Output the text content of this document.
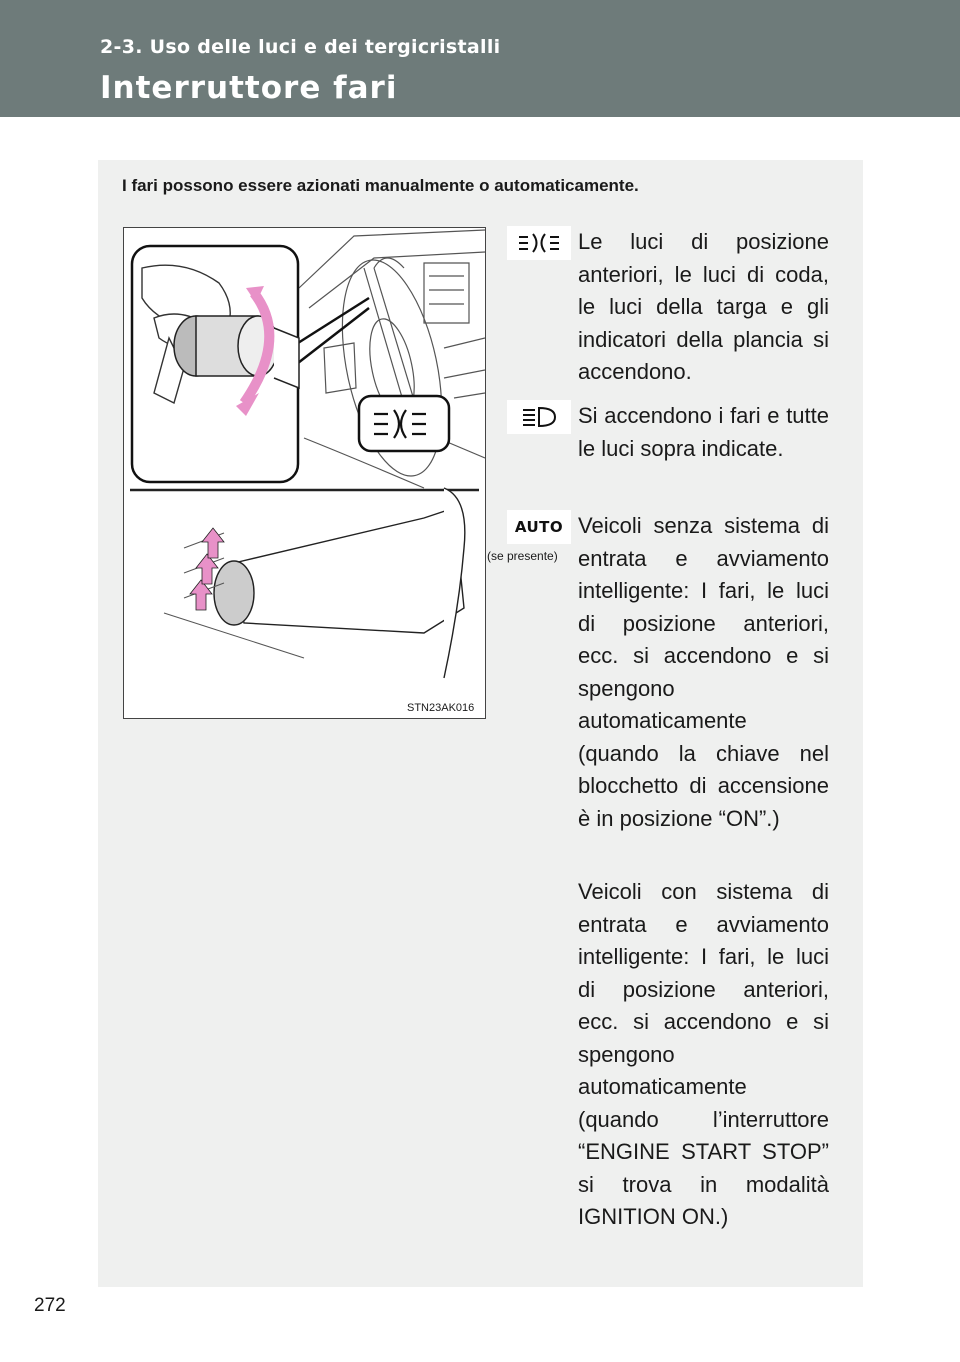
2-3. Uso delle luci e dei tergicristalli
Interruttore fari
I fari possono essere azionati manualmente o automaticamente.
STN23AK016

Le luci di posizione anteriori, le luci di coda, le luci della targa e gli indicatori della plancia si accendono.

Si accendono i fari e tutte le luci sopra indicate.

AUTO
(se presente)

Veicoli senza sistema di entrata e avviamento intelligente: I fari, le luci di posizione anteriori, ecc. si accendono e si spengono automaticamente (quando la chiave nel blocchetto di accensione è in posizione “ON”.)

Veicoli con sistema di entrata e avviamento intelligente: I fari, le luci di posizione anteriori, ecc. si accendono e si spengono automaticamente (quando l’interruttore “ENGINE START STOP” si trova in modalità IGNITION ON.)

272
